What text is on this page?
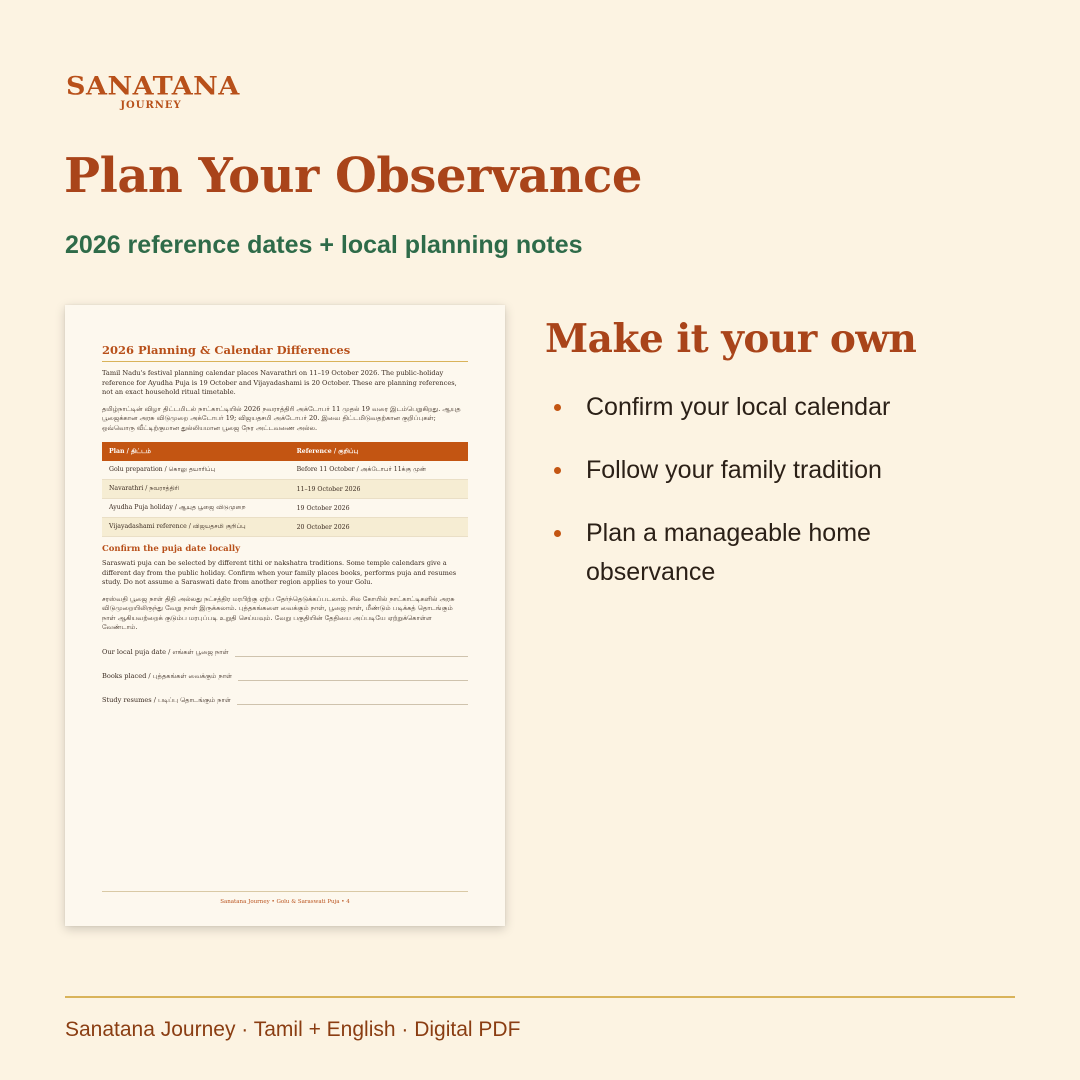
SANATANA
JOURNEY
Plan Your Observance
2026 reference dates + local planning notes
2026 Planning & Calendar Differences
Tamil Nadu's festival planning calendar places Navarathri on 11–19 October 2026. The public-holiday reference for Ayudha Puja is 19 October and Vijayadashami is 20 October. These are planning references, not an exact household ritual timetable.
தமிழ்நாட்டின் விழா திட்டமிடல் நாட்காட்டியில் 2026 நவராத்திரி அக்டோபர் 11 முதல் 19 வரை இடம்பெறுகிறது. ஆயுத பூஜைக்கான அரசு விடுமுறை அக்டோபர் 19; விஜயதசமி அக்டோபர் 20. இவை திட்டமிடுவதற்கான குறிப்புகள்; ஒவ்வொரு வீட்டிற்குமான துல்லியமான பூஜை நேர அட்டவணை அல்ல.
Plan / திட்டம்	Reference / குறிப்பு
Golu preparation / கொலு தயாரிப்பு	Before 11 October / அக்டோபர் 11க்கு முன்
Navarathri / நவராத்திரி	11–19 October 2026
Ayudha Puja holiday / ஆயுத பூஜை விடுமுறை	19 October 2026
Vijayadashami reference / விஜயதசமி குறிப்பு	20 October 2026
Confirm the puja date locally
Saraswati puja can be selected by different tithi or nakshatra traditions. Some temple calendars give a different day from the public holiday. Confirm when your family places books, performs puja and resumes study. Do not assume a Saraswati date from another region applies to your Golu.
சரஸ்வதி பூஜை நாள் திதி அல்லது நட்சத்திர மரபிற்கு ஏற்ப தேர்ந்தெடுக்கப்படலாம். சில கோயில் நாட்காட்டிகளில் அரசு விடுமுறையிலிருந்து வேறு நாள் இருக்கலாம். புத்தகங்களை வைக்கும் நாள், பூஜை நாள், மீண்டும் படிக்கத் தொடங்கும் நாள் ஆகியவற்றைக் குடும்ப மரபுப்படி உறுதி செய்யவும். வேறு பகுதியின் தேதியை அப்படியே ஏற்றுக்கொள்ள வேண்டாம்.
Our local puja date / எங்கள் பூஜை நாள்
Books placed / புத்தகங்கள் வைக்கும் நாள்
Study resumes / படிப்பு தொடங்கும் நாள்
Sanatana Journey • Golu & Saraswati Puja • 4
Make it your own
Confirm your local calendar
Follow your family tradition
Plan a manageable home observance
Sanatana Journey · Tamil + English · Digital PDF
